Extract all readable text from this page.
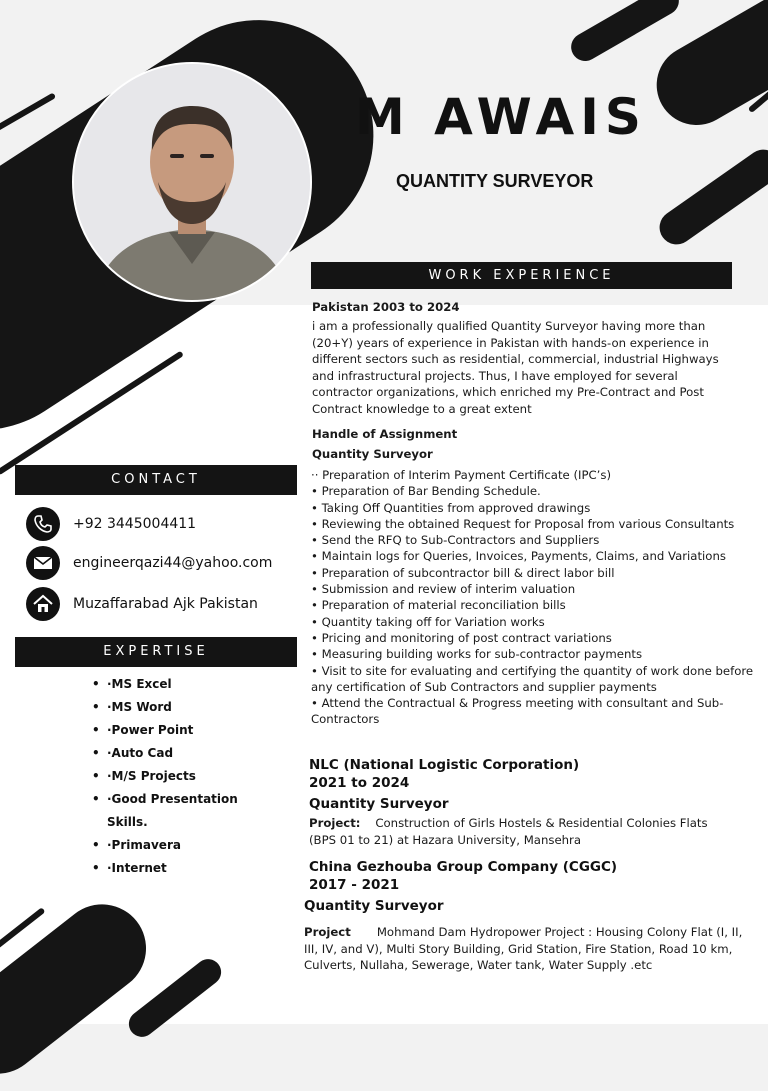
M AWAIS
QUANTITY SURVEYOR
WORK EXPERIENCE
Pakistan 2003 to 2024
i am a professionally qualified Quantity Surveyor having more than (20+Y) years of experience in Pakistan with hands-on experience in different sectors such as residential, commercial, industrial Highways and infrastructural projects. Thus, I have employed for several contractor organizations, which enriched my Pre-Contract and Post Contract knowledge to a great extent
Handle of Assignment
Quantity Surveyor
·· Preparation of Interim Payment Certificate (IPC’s)
• Preparation of Bar Bending Schedule.
• Taking Off Quantities from approved drawings
• Reviewing the obtained Request for Proposal from various Consultants
• Send the RFQ to Sub-Contractors and Suppliers
• Maintain logs for Queries, Invoices, Payments, Claims, and Variations
• Preparation of subcontractor bill & direct labor bill
• Submission and review of interim valuation
• Preparation of material reconciliation bills
• Quantity taking off for Variation works
• Pricing and monitoring of post contract variations
• Measuring building works for sub-contractor payments
• Visit to site for evaluating and certifying the quantity of work done before any certification of Sub Contractors and supplier payments
• Attend the Contractual & Progress meeting with consultant and Sub-Contractors
NLC (National Logistic Corporation)
2021 to 2024
Quantity Surveyor
Project: Construction of Girls Hostels & Residential Colonies Flats (BPS 01 to 21) at Hazara University, Mansehra
China Gezhouba Group Company (CGGC)
2017 - 2021
Quantity Surveyor
Project Mohmand Dam Hydropower Project : Housing Colony Flat (I, II, III, IV, and V), Multi Story Building, Grid Station, Fire Station, Road 10 km, Culverts, Nullaha, Sewerage, Water tank, Water Supply .etc
CONTACT
+92 3445004411
engineerqazi44@yahoo.com
Muzaffarabad Ajk Pakistan
EXPERTISE
• ·MS Excel
• ·MS Word
• ·Power Point
• ·Auto Cad
• ·M/S Projects
• ·Good Presentation Skills.
• ·Primavera
• ·Internet
